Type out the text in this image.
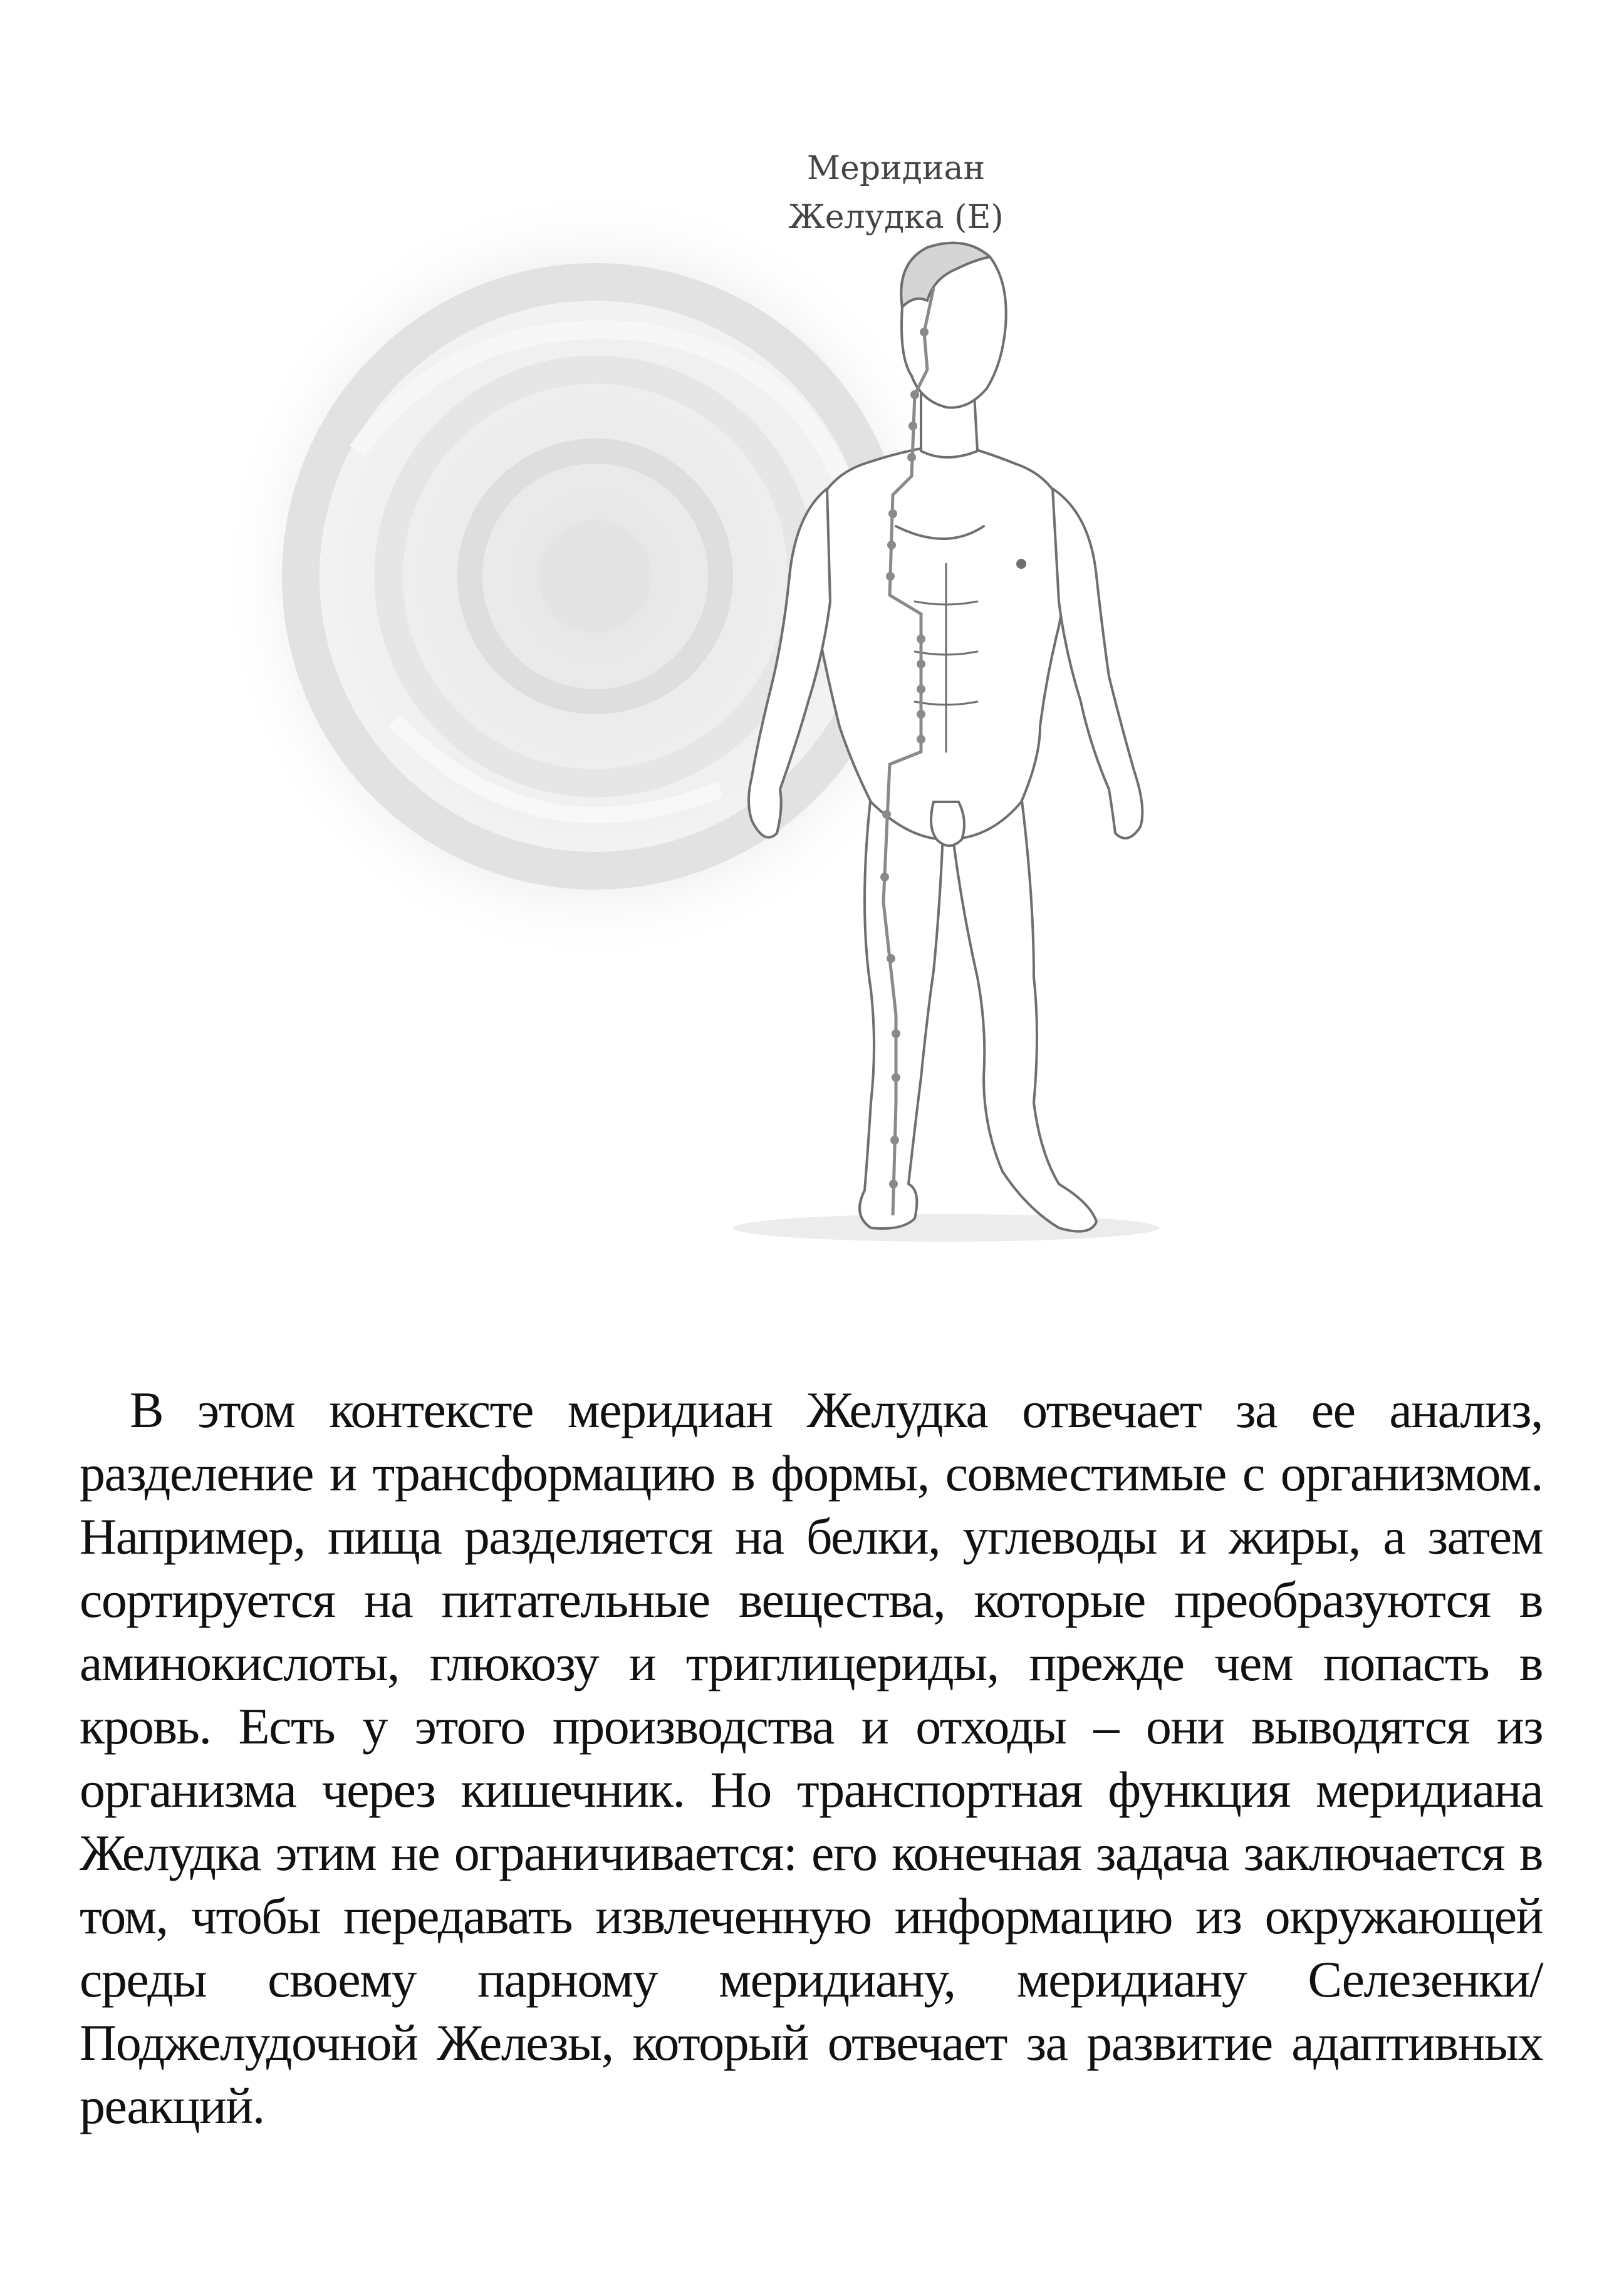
Меридиан
Желудка (E)

В этом контексте меридиан Желудка отвечает за ее анализ, разделение и трансформацию в формы, совместимые с организмом. Например, пища разделяется на белки, углеводы и жиры, а затем сортируется на питательные вещества, которые преобразуются в аминокислоты, глюкозу и триглицериды, прежде чем попасть в кровь. Есть у этого производства и отходы – они выводятся из организма через кишечник. Но транспортная функция меридиана Желудка этим не ограничивается: его конечная задача заключается в том, чтобы передавать извлеченную информацию из окружающей среды своему парному меридиану, меридиану Селезенки/Поджелудочной Железы, который отвечает за развитие адаптивных реакций.
